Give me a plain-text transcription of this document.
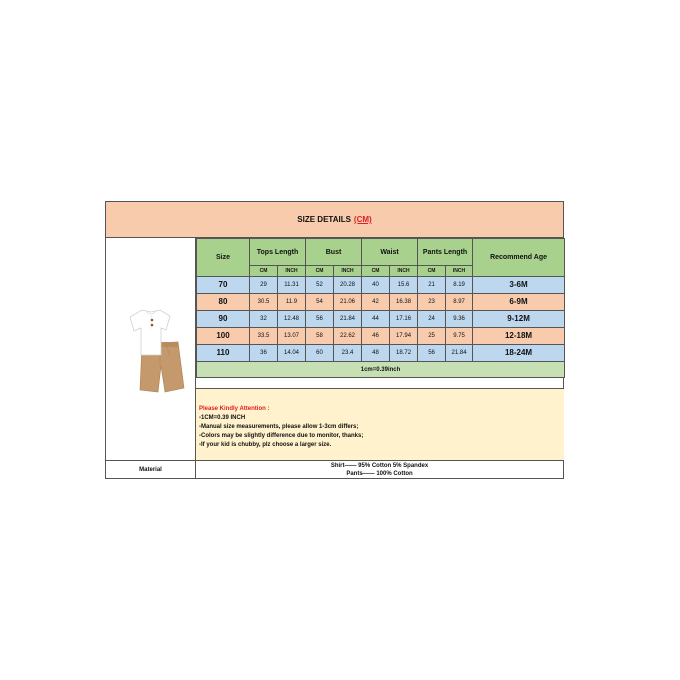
SIZE DETAILS (CM)
Size	Tops Length		Bust		Waist		Pants Length		Recommend Age
	CM	INCH	CM	INCH	CM	INCH	CM	INCH	
70	29	11.31	52	20.28	40	15.6	21	8.19	3-6M
80	30.5	11.9	54	21.06	42	16.38	23	8.97	6-9M
90	32	12.48	56	21.84	44	17.16	24	9.36	9-12M
100	33.5	13.07	58	22.62	46	17.94	25	9.75	12-18M
110	36	14.04	60	23.4	48	18.72	56	21.84	18-24M
1cm=0.39inch									
Please Kindly Attention :
-1CM=0.39 INCH
-Manual size measurements, please allow 1-3cm differs;
-Colors may be slightly difference due to monitor, thanks;
-If your kid is chubby, plz choose a larger size.
Material
Shirt—— 95% Cotton 5% Spandex
Pants—— 100% Cotton
